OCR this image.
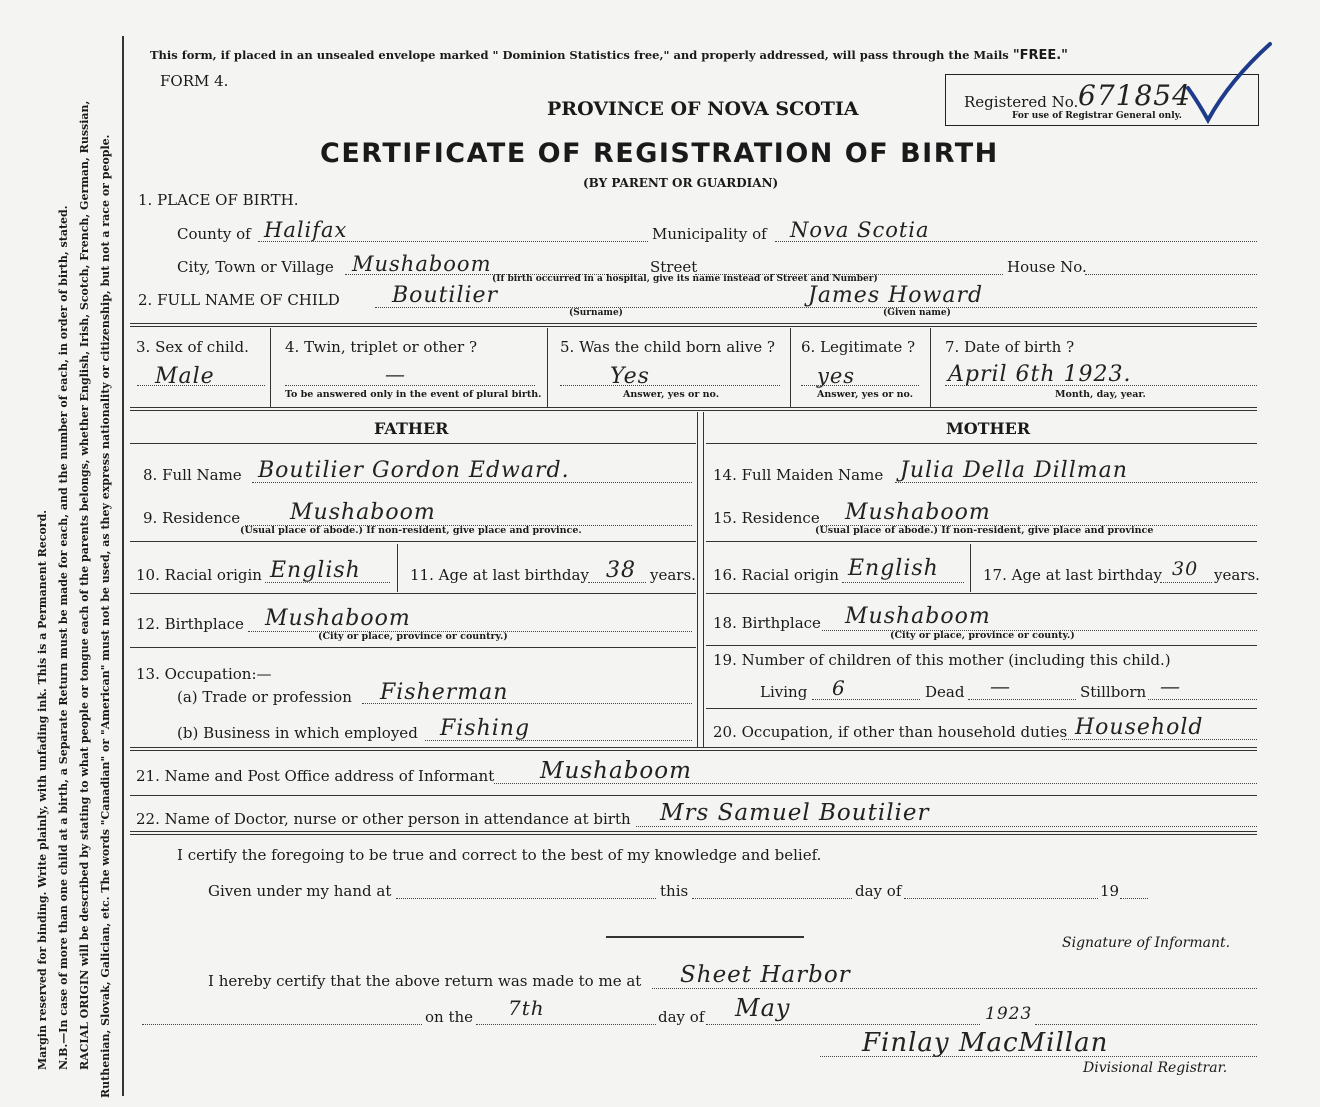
Margin reserved for binding. Write plainly, with unfading ink. This is a Permanent Record. N.B.—In case of more than one child at a birth, a Separate Return must be made for each, and the number of each, in order of birth, stated. RACIAL ORIGIN will be described by stating to what people or tongue each of the parents belongs, whether English, Irish, Scotch, French, German, Russian, Ruthenian, Slovak, Galician, etc. The words "Canadian" or "American" must not be used, as they express nationality or citizenship, but not a race or people.
This form, if placed in an unsealed envelope marked " Dominion Statistics free," and properly addressed, will pass through the Mails "FREE."
FORM 4.
Registered No. 671854
For use of Registrar General only.
PROVINCE OF NOVA SCOTIA
CERTIFICATE OF REGISTRATION OF BIRTH
(BY PARENT OR GUARDIAN)
1. PLACE OF BIRTH.
County of Halifax	Municipality of Nova Scotia
City, Town or Village Mushaboom	Street	House No.
(If birth occurred in a hospital, give its name instead of Street and Number)
2. FULL NAME OF CHILD Boutilier
(Surname)
James Howard
(Given name)
3. Sex of child.
Male
4. Twin, triplet or other ?
—
To be answered only in the event of plural birth.
5. Was the child born alive ?
Yes
Answer, yes or no.
6. Legitimate ?
yes
Answer, yes or no.
7. Date of birth ?
April 6th 1923.
Month, day, year.
FATHER	MOTHER
8. Full Name Boutilier Gordon Edward.
9. Residence Mushaboom
(Usual place of abode.) If non-resident, give place and province.
10. Racial origin English	11. Age at last birthday 38 years.
12. Birthplace Mushaboom
(City or place, province or country.)
13. Occupation:—
(a) Trade or profession Fisherman
(b) Business in which employed Fishing
14. Full Maiden Name Julia Della Dillman
15. Residence Mushaboom
(Usual place of abode.) If non-resident, give place and province
16. Racial origin English	17. Age at last birthday 30 years.
18. Birthplace Mushaboom
(City or place, province or county.)
19. Number of children of this mother (including this child.)
Living 6	Dead —	Stillborn —
20. Occupation, if other than household duties Household
21. Name and Post Office address of Informant Mushaboom
22. Name of Doctor, nurse or other person in attendance at birth Mrs Samuel Boutilier
I certify the foregoing to be true and correct to the best of my knowledge and belief.
Given under my hand at	this	day of	19
Signature of Informant.
I hereby certify that the above return was made to me at Sheet Harbor
on the 7th	day of May	1923
Finlay MacMillan
Divisional Registrar.
